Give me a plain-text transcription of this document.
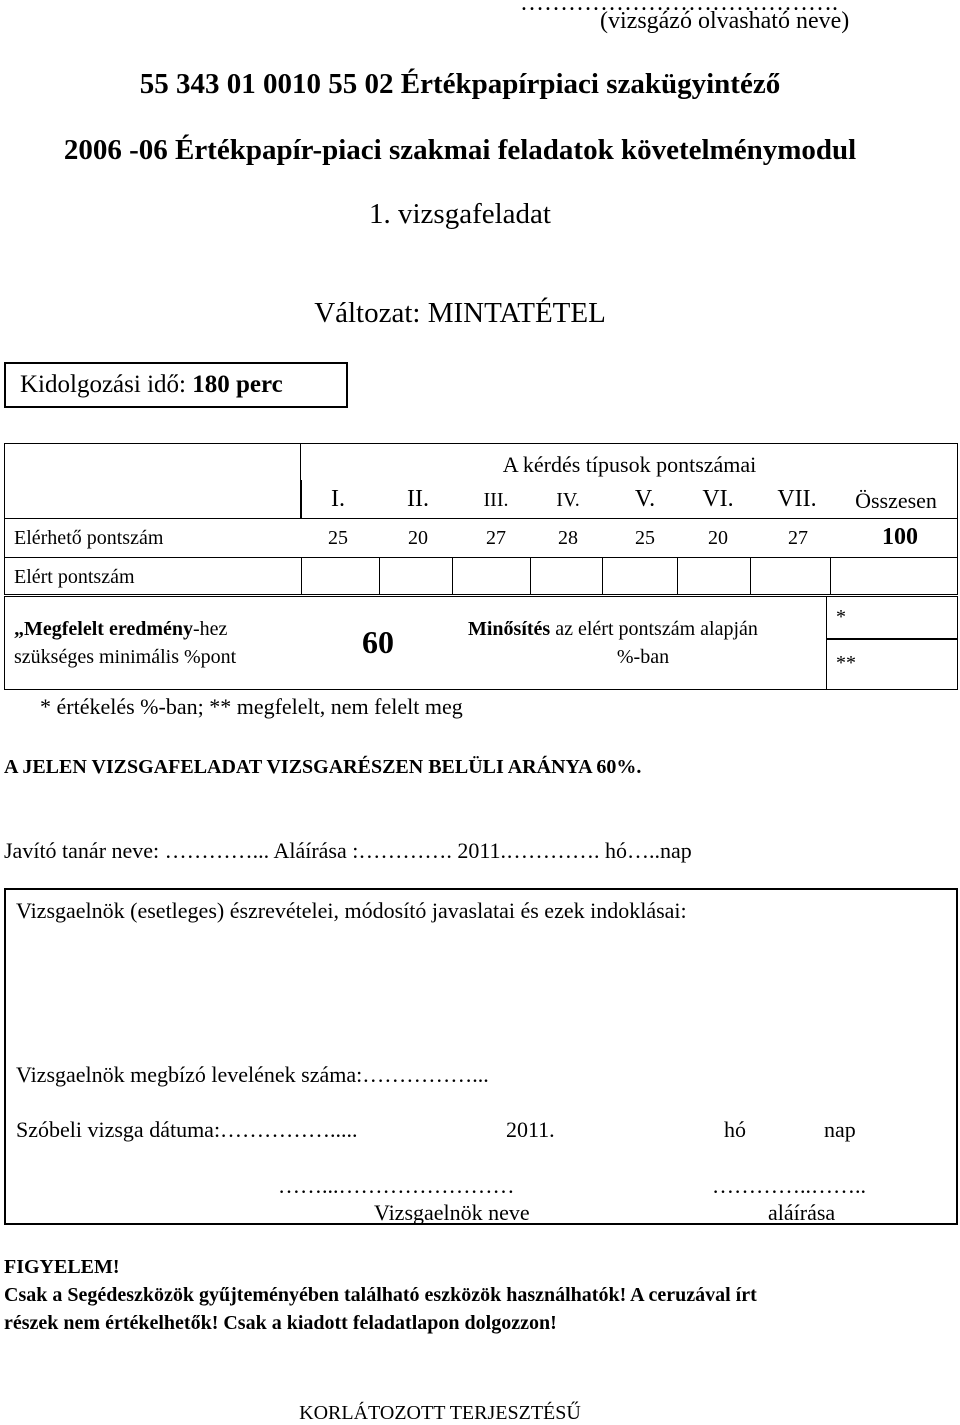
………………………………….
(vizsgázó olvasható neve)
55 343 01 0010 55 02 Értékpapírpiaci szakügyintéző
2006 -06 Értékpapír-piaci szakmai feladatok követelménymodul
1. vizsgafeladat
Változat: MINTATÉTEL
Kidolgozási idő: 180 perc
A kérdés típusok pontszámai
I.	II.	III.	IV.	V.	VI.	VII.	Összesen
Elérhető pontszám	25	20	27	28	25	20	27	100
Elért pontszám
„Megfelelt eredmény-hez
szükséges minimális %pont	60	Minősítés az elért pontszám alapján
%-ban
*
**
* értékelés %-ban; ** megfelelt, nem felelt meg
A JELEN VIZSGAFELADAT VIZSGARÉSZEN BELÜLI ARÁNYA 60%.
Javító tanár neve: …………... Aláírása :…………. 2011.…………. hó…..nap
Vizsgaelnök (esetleges) észrevételei, módosító javaslatai és ezek indoklásai:
Vizsgaelnök megbízó levelének száma:……………...
Szóbeli vizsga dátuma:…………….....	2011.	hó	nap
……...……………………	…………..……..
Vizsgaelnök neve	aláírása
FIGYELEM!
Csak a Segédeszközök gyűjteményében található eszközök használhatók! A ceruzával írt
részek nem értékelhetők! Csak a kiadott feladatlapon dolgozzon!
KORLÁTOZOTT TERJESZTÉSŰ
